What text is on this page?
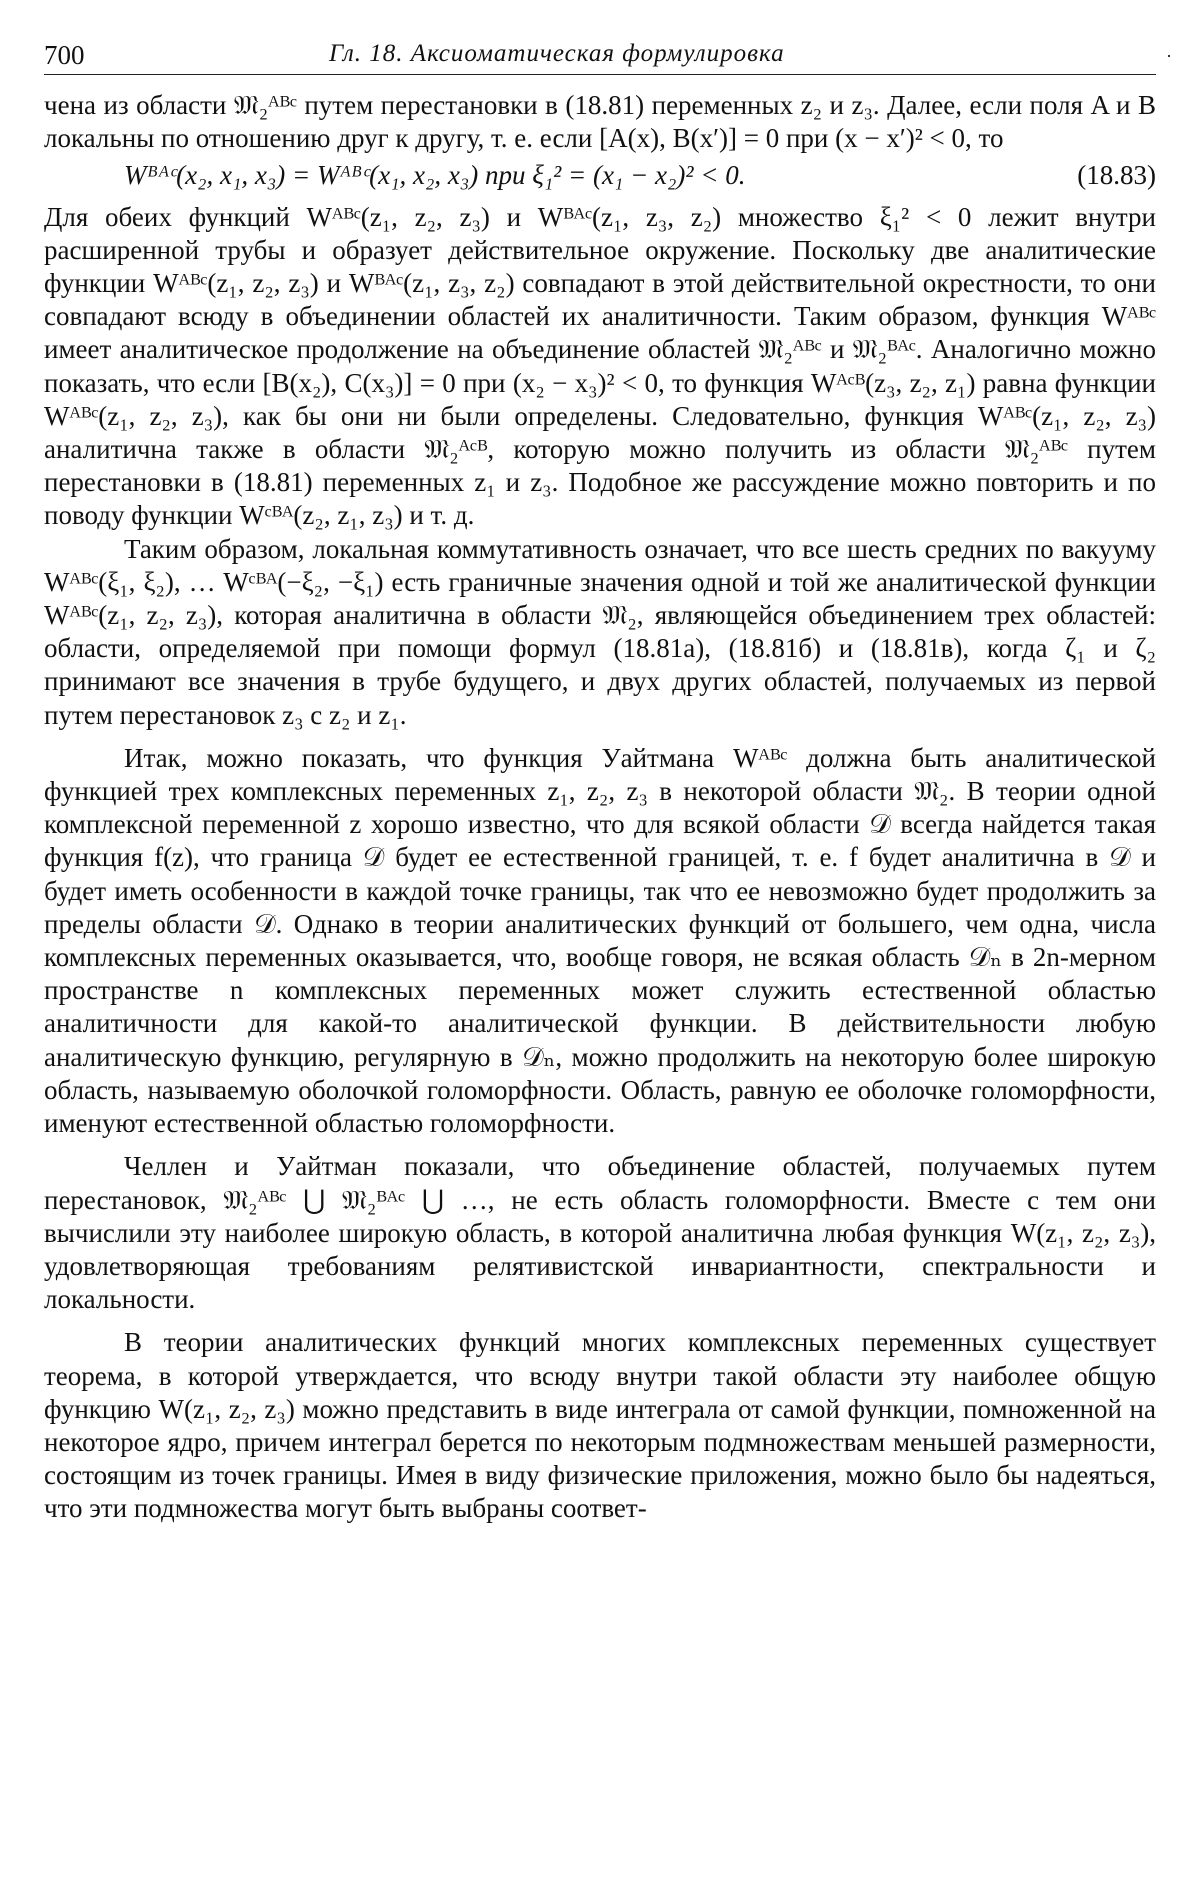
700	Гл. 18. Аксиоматическая формулировка	·

чена из области 𝔐₂ᴬᴮᶜ путем перестановки в (18.81) переменных z₂ и z₃. Далее, если поля A и B локальны по отношению друг к другу, т. е. если [A(x), B(x′)] = 0 при (x − x′)² < 0, то

Wᴮᴬᶜ(x₂, x₁, x₃) = Wᴬᴮᶜ(x₁, x₂, x₃) при ξ₁² = (x₁ − x₂)² < 0.	(18.83)

Для обеих функций Wᴬᴮᶜ(z₁, z₂, z₃) и Wᴮᴬᶜ(z₁, z₃, z₂) множество ξ₁² < 0 лежит внутри расширенной трубы и образует действительное окружение. Поскольку две аналитические функции Wᴬᴮᶜ(z₁, z₂, z₃) и Wᴮᴬᶜ(z₁, z₃, z₂) совпадают в этой действительной окрестности, то они совпадают всюду в объединении областей их аналитичности. Таким образом, функция Wᴬᴮᶜ имеет аналитическое продолжение на объединение областей 𝔐₂ᴬᴮᶜ и 𝔐₂ᴮᴬᶜ. Аналогично можно показать, что если [B(x₂), C(x₃)] = 0 при (x₂ − x₃)² < 0, то функция Wᴬᶜᴮ(z₃, z₂, z₁) равна функции Wᴬᴮᶜ(z₁, z₂, z₃), как бы они ни были определены. Следовательно, функция Wᴬᴮᶜ(z₁, z₂, z₃) аналитична также в области 𝔐₂ᴬᶜᴮ, которую можно получить из области 𝔐₂ᴬᴮᶜ путем перестановки в (18.81) переменных z₁ и z₃. Подобное же рассуждение можно повторить и по поводу функции Wᶜᴮᴬ(z₂, z₁, z₃) и т. д.

Таким образом, локальная коммутативность означает, что все шесть средних по вакууму Wᴬᴮᶜ(ξ₁, ξ₂), … Wᶜᴮᴬ(−ξ₂, −ξ₁) есть граничные значения одной и той же аналитической функции Wᴬᴮᶜ(z₁, z₂, z₃), которая аналитична в области 𝔐₂, являющейся объединением трех областей: области, определяемой при помощи формул (18.81а), (18.81б) и (18.81в), когда ζ₁ и ζ₂ принимают все значения в трубе будущего, и двух других областей, получаемых из первой путем перестановок z₃ с z₂ и z₁.

Итак, можно показать, что функция Уайтмана Wᴬᴮᶜ должна быть аналитической функцией трех комплексных переменных z₁, z₂, z₃ в некоторой области 𝔐₂. В теории одной комплексной переменной z хорошо известно, что для всякой области 𝒟 всегда найдется такая функция f(z), что граница 𝒟 будет ее естественной границей, т. е. f будет аналитична в 𝒟 и будет иметь особенности в каждой точке границы, так что ее невозможно будет продолжить за пределы области 𝒟. Однако в теории аналитических функций от большего, чем одна, числа комплексных переменных оказывается, что, вообще говоря, не всякая область 𝒟ₙ в 2n-мерном пространстве n комплексных переменных может служить естественной областью аналитичности для какой-то аналитической функции. В действительности любую аналитическую функцию, регулярную в 𝒟ₙ, можно продолжить на некоторую более широкую область, называемую оболочкой голоморфности. Область, равную ее оболочке голоморфности, именуют естественной областью голоморфности.

Челлен и Уайтман показали, что объединение областей, получаемых путем перестановок, 𝔐₂ᴬᴮᶜ ⋃ 𝔐₂ᴮᴬᶜ ⋃ …, не есть область голоморфности. Вместе с тем они вычислили эту наиболее широкую область, в которой аналитична любая функция W(z₁, z₂, z₃), удовлетворяющая требованиям релятивистской инвариантности, спектральности и локальности.

В теории аналитических функций многих комплексных переменных существует теорема, в которой утверждается, что всюду внутри такой области эту наиболее общую функцию W(z₁, z₂, z₃) можно представить в виде интеграла от самой функции, помноженной на некоторое ядро, причем интеграл берется по некоторым подмножествам меньшей размерности, состоящим из точек границы. Имея в виду физические приложения, можно было бы надеяться, что эти подмножества могут быть выбраны соответ-
